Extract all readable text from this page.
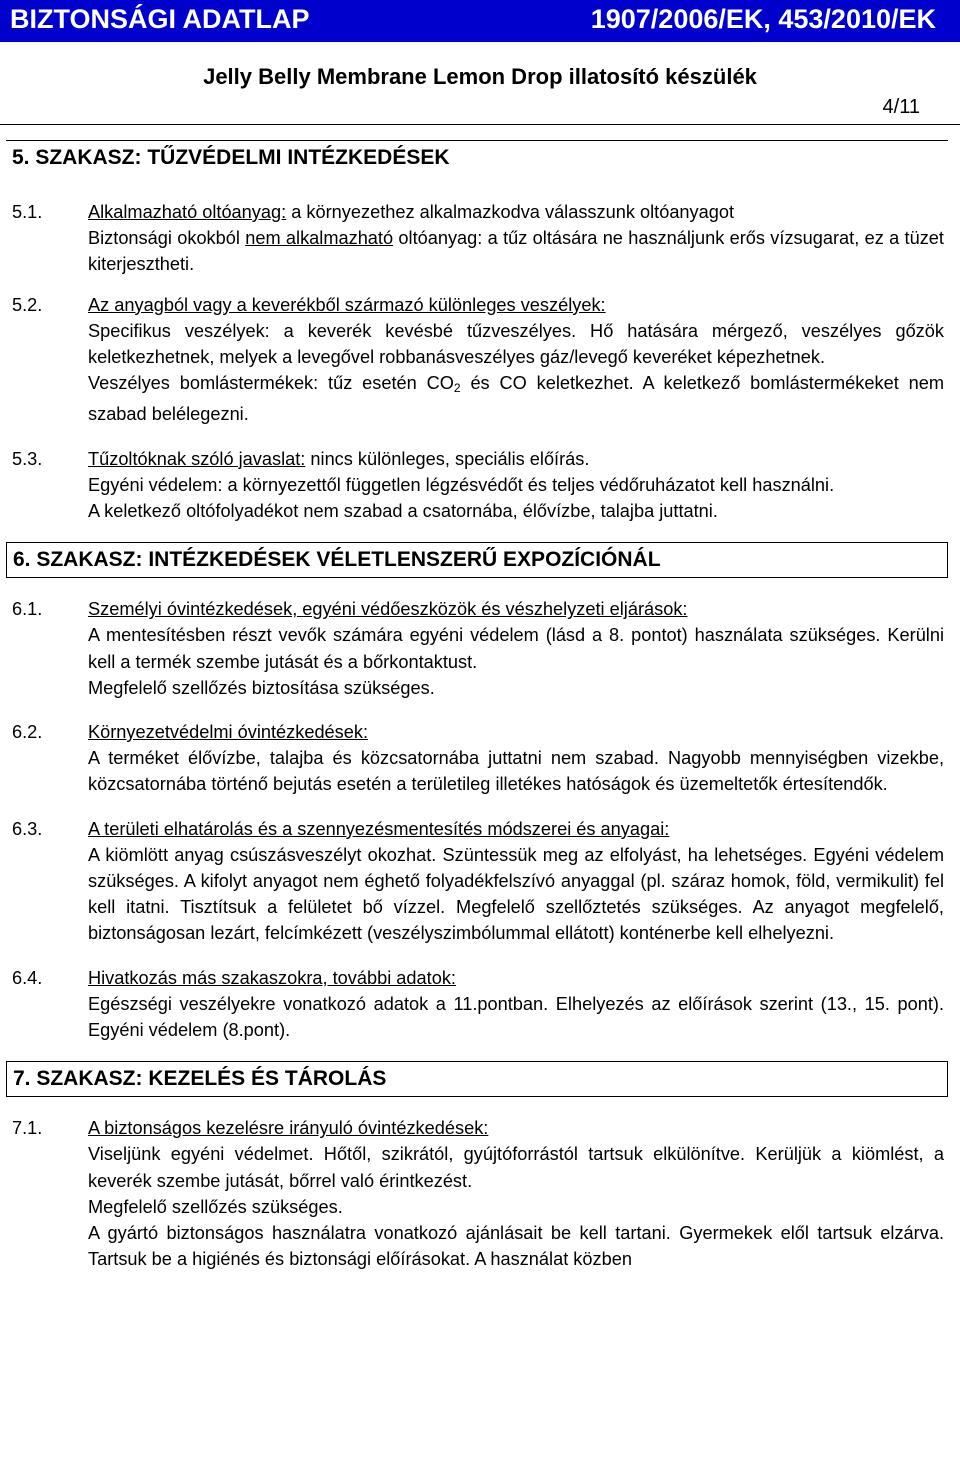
BIZTONSÁGI ADATLAP	1907/2006/EK, 453/2010/EK
Jelly Belly Membrane Lemon Drop illatosító készülék
4/11
5. SZAKASZ: TŰZVÉDELMI INTÉZKEDÉSEK
5.1.	Alkalmazható oltóanyag: a környezethez alkalmazkodva válasszunk oltóanyagot

Biztonsági okokból nem alkalmazható oltóanyag: a tűz oltására ne használjunk erős vízsugarat, ez a tüzet kiterjesztheti.

5.2.	Az anyagból vagy a keverékből származó különleges veszélyek:

Specifikus veszélyek: a keverék kevésbé tűzveszélyes. Hő hatására mérgező, veszélyes gőzök keletkezhetnek, melyek a levegővel robbanásveszélyes gáz/levegő keveréket képezhetnek.

Veszélyes bomlástermékek: tűz esetén $CO_2$ és CO keletkezhet. A keletkező bomlástermékeket nem szabad belélegezni.

5.3.	Tűzoltóknak szóló javaslat: nincs különleges, speciális előírás.

Egyéni védelem: a környezettől független légzésvédőt és teljes védőruházatot kell használni.

A keletkező oltófolyadékot nem szabad a csatornába, élővízbe, talajba juttatni.

6. SZAKASZ: INTÉZKEDÉSEK VÉLETLENSZERŰ EXPOZÍCIÓNÁL
6.1.	Személyi óvintézkedések, egyéni védőeszközök és vészhelyzeti eljárások:

A mentesítésben részt vevők számára egyéni védelem (lásd a 8. pontot) használata szükséges. Kerülni kell a termék szembe jutását és a bőrkontaktust.

Megfelelő szellőzés biztosítása szükséges.

6.2.	Környezetvédelmi óvintézkedések:

A terméket élővízbe, talajba és közcsatornába juttatni nem szabad. Nagyobb mennyiségben vizekbe, közcsatornába történő bejutás esetén a területileg illetékes hatóságok és üzemeltetők értesítendők.

6.3.	A területi elhatárolás és a szennyezésmentesítés módszerei és anyagai:

A kiömlött anyag csúszásveszélyt okozhat. Szüntessük meg az elfolyást, ha lehetséges. Egyéni védelem szükséges. A kifolyt anyagot nem éghető folyadékfelszívó anyaggal (pl. száraz homok, föld, vermikulit) fel kell itatni. Tisztítsuk a felületet bő vízzel. Megfelelő szellőztetés szükséges. Az anyagot megfelelő, biztonságosan lezárt, felcímkézett (veszélyszimbólummal ellátott) konténerbe kell elhelyezni.

6.4.	Hivatkozás más szakaszokra, további adatok:

Egészségi veszélyekre vonatkozó adatok a 11.pontban. Elhelyezés az előírások szerint (13., 15. pont). Egyéni védelem (8.pont).

7. SZAKASZ: KEZELÉS ÉS TÁROLÁS
7.1.	A biztonságos kezelésre irányuló óvintézkedések:

Viseljünk egyéni védelmet. Hőtől, szikrától, gyújtóforrástól tartsuk elkülönítve. Kerüljük a kiömlést, a keverék szembe jutását, bőrrel való érintkezést.

Megfelelő szellőzés szükséges.

A gyártó biztonságos használatra vonatkozó ajánlásait be kell tartani. Gyermekek elől tartsuk elzárva. Tartsuk be a higiénés és biztonsági előírásokat. A használat közben
